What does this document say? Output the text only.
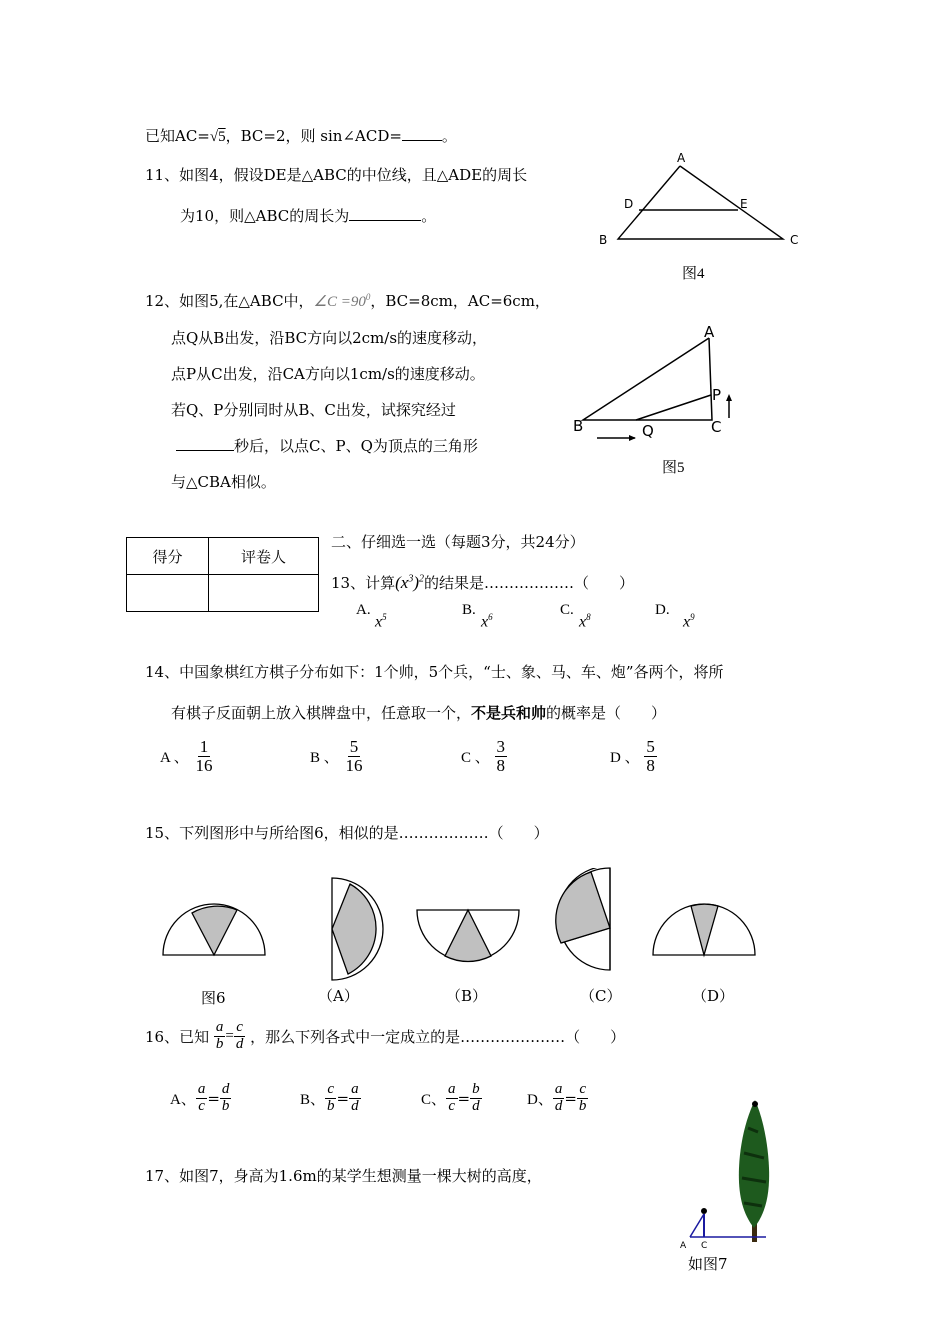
已知AC=√5，BC=2，则 sin∠ACD=	。
11、如图4，假设DE是△ABC的中位线，且△ADE的周长
为10，则△ABC的周长为	。
A
D	E
B	C
图4
12、如图5,在△ABC中，∠C $=90^0$，BC=8cm，AC=6cm，
点Q从B出发，沿BC方向以2cm/s的速度移动，
点P从C出发，沿CA方向以1cm/s的速度移动。
若Q、P分别同时从B、C出发，试探究经过
秒后，以点C、P、Q为顶点的三角形
与△CBA相似。
A
B	Q	C
P
图5
得分	评卷人

二、仔细选一选（每题3分，共24分）
13、计算$(x^3)^2$的结果是………………（　　）
A.
$x^5$	B.
$x^6$	C.
$x^8$	D.
$x^9$
14、中国象棋红方棋子分布如下：1个帅，5个兵，“士、象、马、车、炮”各两个，将所
有棋子反面朝上放入棋牌盘中，任意取一个，不是兵和帅的概率是（　　）
A 、 $\frac{1}{16}$	B 、 $\frac{5}{16}$	C 、 $\frac{3}{8}$	D 、 $\frac{5}{8}$
15、下列图形中与所给图6，相似的是………………（　　）
图6	（A）	（B）	（C）	（D）
16、已知 $\frac{a}{b} = \frac{c}{d}$ ，那么下列各式中一定成立的是…………………（　　）
A、 $\frac{a}{c} = \frac{d}{b}$	B、 $\frac{c}{b} = \frac{a}{d}$	C、 $\frac{a}{c} = \frac{b}{d}$	D、 $\frac{a}{d} = \frac{c}{b}$
17、如图7，身高为1.6m的某学生想测量一棵大树的高度，
A C
如图7
